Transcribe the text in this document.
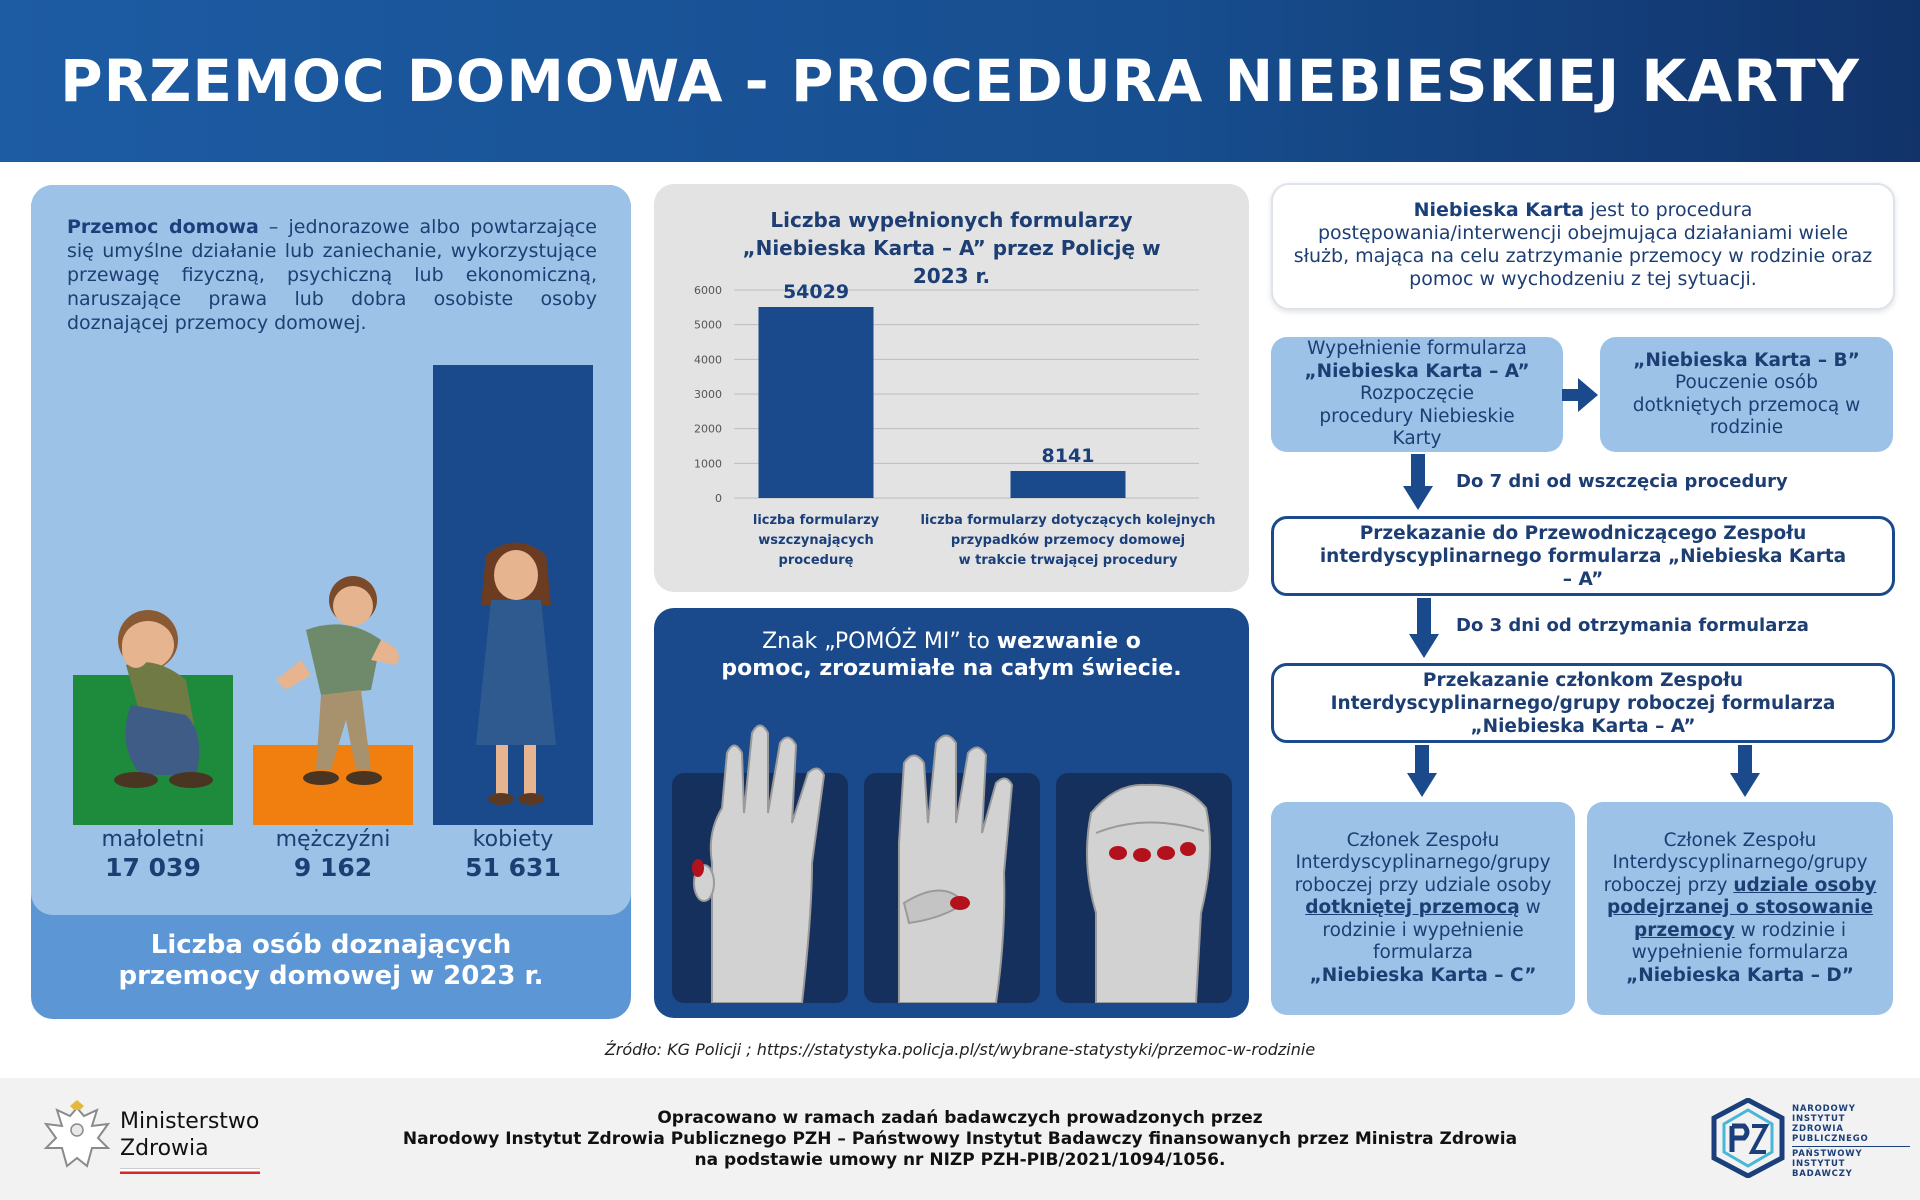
PRZEMOC DOMOWA - PROCEDURA NIEBIESKIEJ KARTY

Przemoc domowa – jednorazowe albo powtarzające się umyślne działanie lub zaniechanie, wykorzystujące przewagę fizyczną, psychiczną lub ekonomiczną, naruszające prawa lub dobra osobiste osoby doznającej przemocy domowej.

małoletni
17 039
mężczyźni
9 162
kobiety
51 631
Liczba osób doznających przemocy domowej w 2023 r.
Liczba wypełnionych formularzy „Niebieska Karta – A” przez Policję w 2023 r.
6000
5000
4000
3000
2000
1000
0
54029
8141
liczba formularzy
wszczynających
procedurę
liczba formularzy dotyczących kolejnych
przypadków przemocy domowej
w trakcie trwającej procedury
Znak „POMÓŻ MI” to wezwanie o pomoc, zrozumiałe na całym świecie.
Niebieska Karta jest to procedura postępowania/interwencji obejmująca działaniami wiele służb, mająca na celu zatrzymanie przemocy w rodzinie oraz pomoc w wychodzeniu z tej sytuacji.
Wypełnienie formularza
„Niebieska Karta – A”
Rozpoczęcie procedury Niebieskie Karty
„Niebieska Karta – B”
Pouczenie osób dotkniętych przemocą w rodzinie
Do 7 dni od wszczęcia procedury
Przekazanie do Przewodniczącego Zespołu interdyscyplinarnego formularza „Niebieska Karta – A”
Do 3 dni od otrzymania formularza
Przekazanie członkom Zespołu Interdyscyplinarnego/grupy roboczej formularza „Niebieska Karta – A”
Członek Zespołu Interdyscyplinarnego/grupy roboczej przy udziale osoby dotkniętej przemocą w rodzinie i wypełnienie formularza
„Niebieska Karta – C”
Członek Zespołu Interdyscyplinarnego/grupy roboczej przy udziale osoby podejrzanej o stosowanie przemocy w rodzinie i wypełnienie formularza
„Niebieska Karta – D”
Źródło: KG Policji ; https://statystyka.policja.pl/st/wybrane-statystyki/przemoc-w-rodzinie
Ministerstwo
Zdrowia
Opracowano w ramach zadań badawczych prowadzonych przez
Narodowy Instytut Zdrowia Publicznego PZH – Państwowy Instytut Badawczy finansowanych przez Ministra Zdrowia
na podstawie umowy nr NIZP PZH-PIB/2021/1094/1056.
NARODOWY
INSTYTUT
ZDROWIA
PUBLICZNEGO
PAŃSTWOWY INSTYTUT
BADAWCZY
